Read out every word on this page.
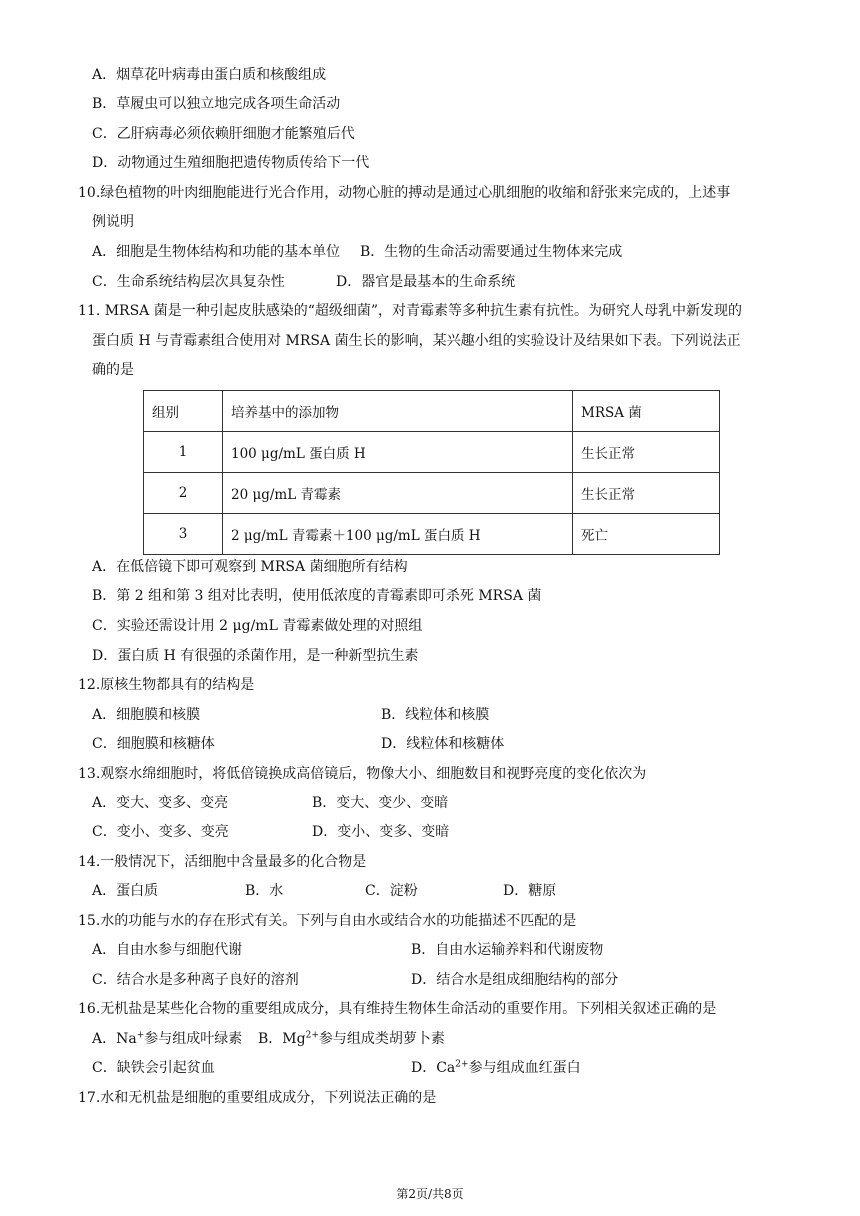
A．烟草花叶病毒由蛋白质和核酸组成
B．草履虫可以独立地完成各项生命活动
C．乙肝病毒必须依赖肝细胞才能繁殖后代
D．动物通过生殖细胞把遗传物质传给下一代
10.绿色植物的叶肉细胞能进行光合作用，动物心脏的搏动是通过心肌细胞的收缩和舒张来完成的，上述事
例说明
A．细胞是生物体结构和功能的基本单位 B．生物的生命活动需要通过生物体来完成
C．生命系统结构层次具复杂性	D．器官是最基本的生命系统
11. MRSA 菌是一种引起皮肤感染的“超级细菌”，对青霉素等多种抗生素有抗性。为研究人母乳中新发现的
蛋白质 H 与青霉素组合使用对 MRSA 菌生长的影响，某兴趣小组的实验设计及结果如下表。下列说法正
确的是
组别	培养基中的添加物	MRSA 菌
1	100 μg/mL 蛋白质 H	生长正常
2	20 μg/mL 青霉素	生长正常
3	2 μg/mL 青霉素＋100 μg/mL 蛋白质 H	死亡
A．在低倍镜下即可观察到 MRSA 菌细胞所有结构
B．第 2 组和第 3 组对比表明，使用低浓度的青霉素即可杀死 MRSA 菌
C．实验还需设计用 2 μg/mL 青霉素做处理的对照组
D．蛋白质 H 有很强的杀菌作用，是一种新型抗生素
12.原核生物都具有的结构是
A．细胞膜和核膜	B．线粒体和核膜
C．细胞膜和核糖体	D．线粒体和核糖体
13.观察水绵细胞时，将低倍镜换成高倍镜后，物像大小、细胞数目和视野亮度的变化依次为
A．变大、变多、变亮	B．变大、变少、变暗
C．变小、变多、变亮	D．变小、变多、变暗
14.一般情况下，活细胞中含量最多的化合物是
A．蛋白质	B．水	C．淀粉	D．糖原
15.水的功能与水的存在形式有关。下列与自由水或结合水的功能描述不匹配的是
A．自由水参与细胞代谢	B．自由水运输养料和代谢废物
C．结合水是多种离子良好的溶剂	D．结合水是组成细胞结构的部分
16.无机盐是某些化合物的重要组成成分，具有维持生物体生命活动的重要作用。下列相关叙述正确的是
A．Na+参与组成叶绿素 B．$Mg^{2+}$参与组成类胡萝卜素
C．缺铁会引起贫血	D．$Ca^{2+}$参与组成血红蛋白
17.水和无机盐是细胞的重要组成成分，下列说法正确的是
第2页/共8页
